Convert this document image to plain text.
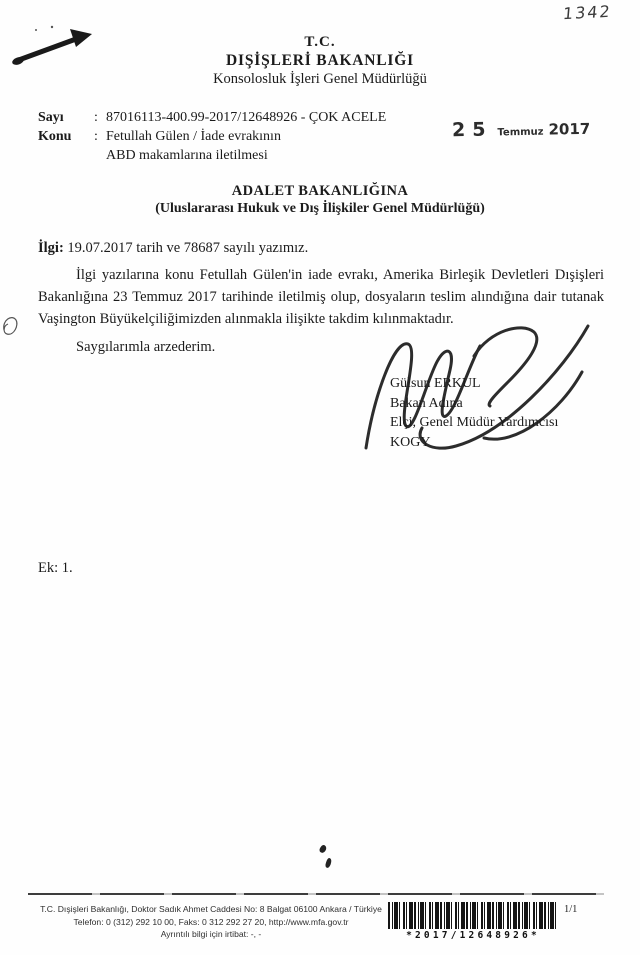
1342
T.C.
DIŞİŞLERİ BAKANLIĞI
Konsolosluk İşleri Genel Müdürlüğü
Sayı	: 87016113-400.99-2017/12648926 - ÇOK ACELE
Konu	: Fetullah Gülen / İade evrakının
ABD makamlarına iletilmesi
25 Temmuz 2017
ADALET BAKANLIĞINA
(Uluslararası Hukuk ve Dış İlişkiler Genel Müdürlüğü)
İlgi: 19.07.2017 tarih ve 78687 sayılı yazımız.
İlgi yazılarına konu Fetullah Gülen'in iade evrakı, Amerika Birleşik Devletleri Dışişleri Bakanlığına 23 Temmuz 2017 tarihinde iletilmiş olup, dosyaların teslim alındığına dair tutanak Vaşington Büyükelçiliğimizden alınmakla ilişikte takdim kılınmaktadır.
Saygılarımla arzederim.
Gülsun ERKUL
Bakan Adına
Elçi, Genel Müdür Yardımcısı
KOGY
Ek: 1.
T.C. Dışişleri Bakanlığı, Doktor Sadık Ahmet Caddesi No: 8 Balgat 06100 Ankara / Türkiye
Telefon: 0 (312) 292 10 00, Faks: 0 312 292 27 20, http://www.mfa.gov.tr
Ayrıntılı bilgi için irtibat: -, -	*2017/12648926*
1/1
